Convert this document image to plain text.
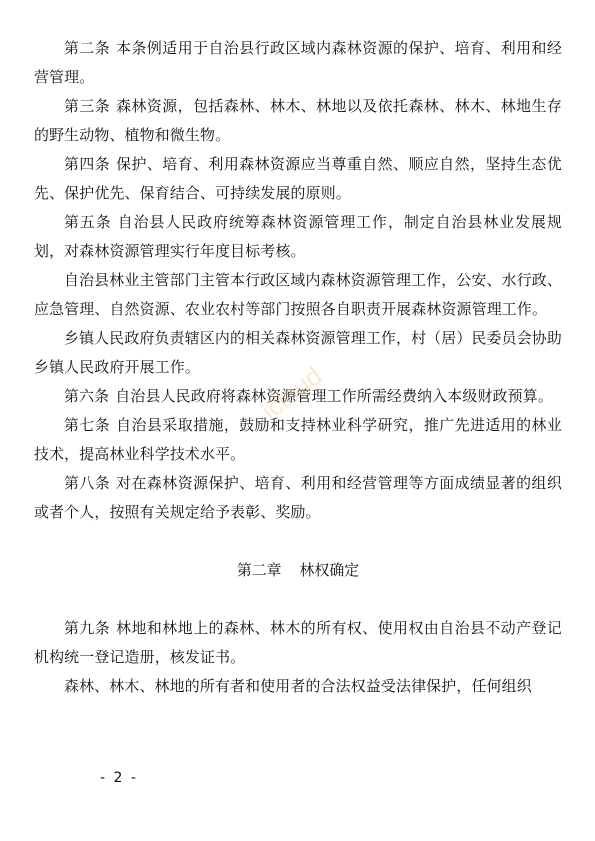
第二条 本条例适用于自治县行政区域内森林资源的保护、培育、利用和经营管理。

第三条 森林资源，包括森林、林木、林地以及依托森林、林木、林地生存的野生动物、植物和微生物。

第四条 保护、培育、利用森林资源应当尊重自然、顺应自然，坚持生态优先、保护优先、保育结合、可持续发展的原则。

第五条 自治县人民政府统筹森林资源管理工作，制定自治县林业发展规划，对森林资源管理实行年度目标考核。

自治县林业主管部门主管本行政区域内森林资源管理工作，公安、水行政、应急管理、自然资源、农业农村等部门按照各自职责开展森林资源管理工作。

乡镇人民政府负责辖区内的相关森林资源管理工作，村（居）民委员会协助乡镇人民政府开展工作。

第六条 自治县人民政府将森林资源管理工作所需经费纳入本级财政预算。

第七条 自治县采取措施，鼓励和支持林业科学研究，推广先进适用的林业技术，提高林业科学技术水平。

第八条 对在森林资源保护、培育、利用和经营管理等方面成绩显著的组织或者个人，按照有关规定给予表彰、奖励。

第二章 林权确定

第九条 林地和林地上的森林、林木的所有权、使用权由自治县不动产登记机构统一登记造册，核发证书。

森林、林木、林地的所有者和使用者的合法权益受法律保护，任何组织

icloud
- 2 -
